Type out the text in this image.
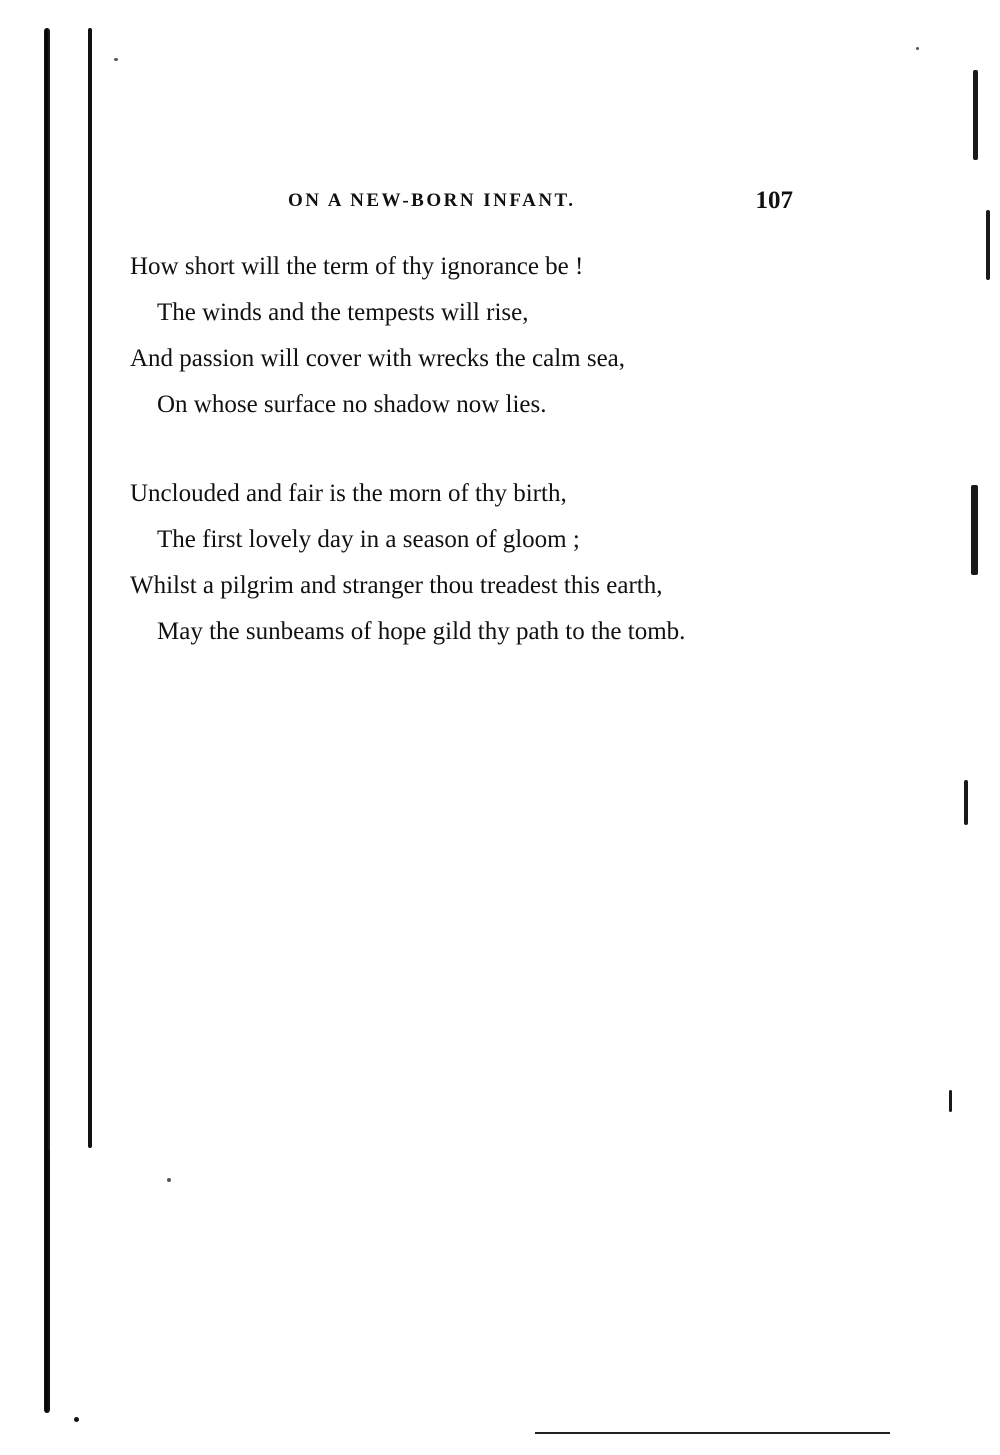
ON A NEW-BORN INFANT.	107
How short will the term of thy ignorance be !
The winds and the tempests will rise,
And passion will cover with wrecks the calm sea,
On whose surface no shadow now lies.
Unclouded and fair is the morn of thy birth,
The first lovely day in a season of gloom ;
Whilst a pilgrim and stranger thou treadest this earth,
May the sunbeams of hope gild thy path to the tomb.
